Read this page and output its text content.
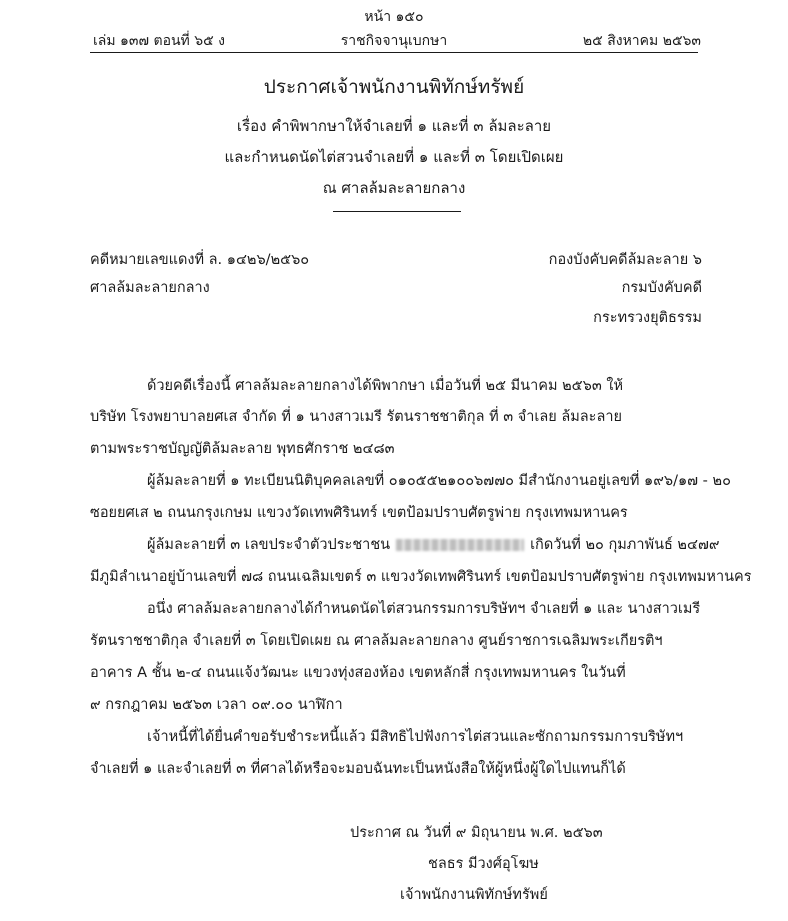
หน้า ๑๕๐
เล่ม ๑๓๗ ตอนที่ ๖๕ ง	ราชกิจจานุเบกษา	๒๕ สิงหาคม ๒๕๖๓
ประกาศเจ้าพนักงานพิทักษ์ทรัพย์
เรื่อง คำพิพากษาให้จำเลยที่ ๑ และที่ ๓ ล้มละลาย
และกำหนดนัดไต่สวนจำเลยที่ ๑ และที่ ๓ โดยเปิดเผย
ณ ศาลล้มละลายกลาง
คดีหมายเลขแดงที่ ล. ๑๔๒๖/๒๕๖๐
ศาลล้มละลายกลาง
กองบังคับคดีล้มละลาย ๖
กรมบังคับคดี
กระทรวงยุติธรรม
ด้วยคดีเรื่องนี้ ศาลล้มละลายกลางได้พิพากษา เมื่อวันที่ ๒๕ มีนาคม ๒๕๖๓ ให้
บริษัท โรงพยาบาลยศเส จำกัด ที่ ๑ นางสาวเมรี รัตนราชชาติกุล ที่ ๓ จำเลย ล้มละลาย
ตามพระราชบัญญัติล้มละลาย พุทธศักราช ๒๔๘๓
ผู้ล้มละลายที่ ๑ ทะเบียนนิติบุคคลเลขที่ ๐๑๐๕๕๒๑๐๐๖๗๗๐ มีสำนักงานอยู่เลขที่ ๑๙๖/๑๗ - ๒๐
ซอยยศเส ๒ ถนนกรุงเกษม แขวงวัดเทพศิรินทร์ เขตป้อมปราบศัตรูพ่าย กรุงเทพมหานคร
ผู้ล้มละลายที่ ๓ เลขประจำตัวประชาชน	เกิดวันที่ ๒๐ กุมภาพันธ์ ๒๔๗๙
มีภูมิลำเนาอยู่บ้านเลขที่ ๗๘ ถนนเฉลิมเขตร์ ๓ แขวงวัดเทพศิรินทร์ เขตป้อมปราบศัตรูพ่าย กรุงเทพมหานคร
อนึ่ง ศาลล้มละลายกลางได้กำหนดนัดไต่สวนกรรมการบริษัทฯ จำเลยที่ ๑ และ นางสาวเมรี
รัตนราชชาติกุล จำเลยที่ ๓ โดยเปิดเผย ณ ศาลล้มละลายกลาง ศูนย์ราชการเฉลิมพระเกียรติฯ
อาคาร A ชั้น ๒-๔ ถนนแจ้งวัฒนะ แขวงทุ่งสองห้อง เขตหลักสี่ กรุงเทพมหานคร ในวันที่
๙ กรกฎาคม ๒๕๖๓ เวลา ๐๙.๐๐ นาฬิกา
เจ้าหนี้ที่ได้ยื่นคำขอรับชำระหนี้แล้ว มีสิทธิไปฟังการไต่สวนและซักถามกรรมการบริษัทฯ
จำเลยที่ ๑ และจำเลยที่ ๓ ที่ศาลได้หรือจะมอบฉันทะเป็นหนังสือให้ผู้หนึ่งผู้ใดไปแทนก็ได้
ประกาศ ณ วันที่ ๙ มิถุนายน พ.ศ. ๒๕๖๓
ชลธร มีวงศ์อุโฆษ
เจ้าพนักงานพิทักษ์ทรัพย์
